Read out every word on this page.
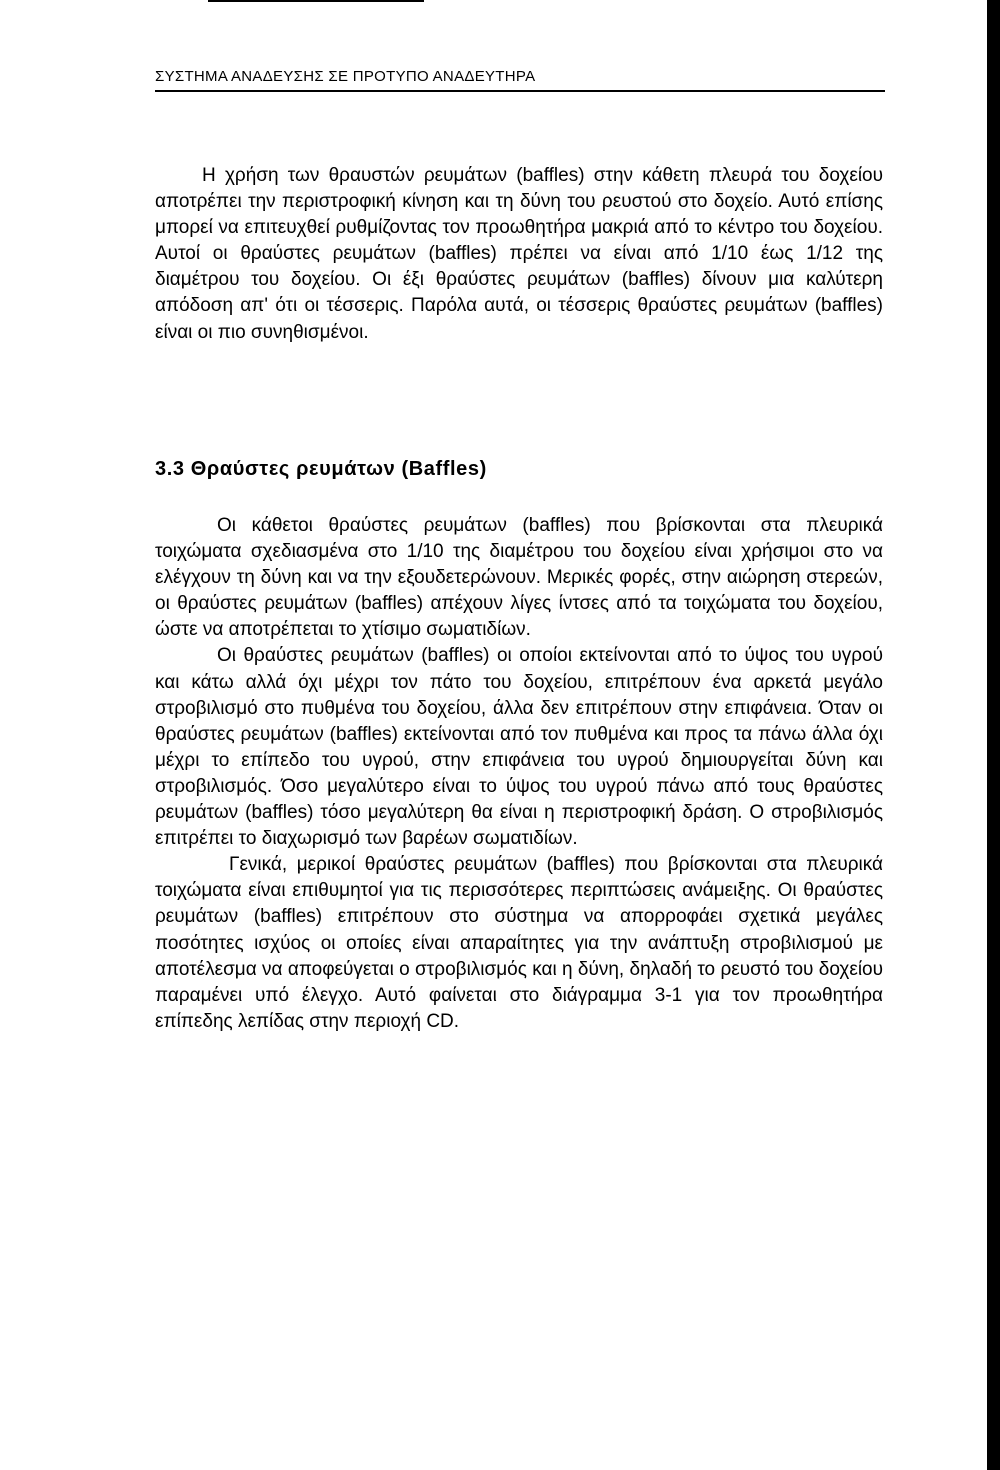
ΣΥΣΤΗΜΑ ΑΝΑΔΕΥΣΗΣ ΣΕ ΠΡΟΤΥΠΟ ΑΝΑΔΕΥΤΗΡΑ

Η χρήση των θραυστών ρευμάτων (baffles) στην κάθετη πλευρά του δοχείου αποτρέπει την περιστροφική κίνηση και τη δύνη του ρευστού στο δοχείο. Αυτό επίσης μπορεί να επιτευχθεί ρυθμίζοντας τον προωθητήρα μακριά από το κέντρο του δοχείου. Αυτοί οι θραύστες ρευμάτων (baffles) πρέπει να είναι από 1/10 έως 1/12 της διαμέτρου του δοχείου. Οι έξι θραύστες ρευμάτων (baffles) δίνουν μια καλύτερη απόδοση απ' ότι οι τέσσερις. Παρόλα αυτά, οι τέσσερις θραύστες ρευμάτων (baffles) είναι οι πιο συνηθισμένοι.

3.3 Θραύστες ρευμάτων (Baffles)

Οι κάθετοι θραύστες ρευμάτων (baffles) που βρίσκονται στα πλευρικά τοιχώματα σχεδιασμένα στο 1/10 της διαμέτρου του δοχείου είναι χρήσιμοι στο να ελέγχουν τη δύνη και να την εξουδετερώνουν. Μερικές φορές, στην αιώρηση στερεών, οι θραύστες ρευμάτων (baffles) απέχουν λίγες ίντσες από τα τοιχώματα του δοχείου, ώστε να αποτρέπεται το χτίσιμο σωματιδίων.

Οι θραύστες ρευμάτων (baffles) οι οποίοι εκτείνονται από το ύψος του υγρού και κάτω αλλά όχι μέχρι τον πάτο του δοχείου, επιτρέπουν ένα αρκετά μεγάλο στροβιλισμό στο πυθμένα του δοχείου, άλλα δεν επιτρέπουν στην επιφάνεια. Όταν οι θραύστες ρευμάτων (baffles) εκτείνονται από τον πυθμένα και προς τα πάνω άλλα όχι μέχρι το επίπεδο του υγρού, στην επιφάνεια του υγρού δημιουργείται δύνη και στροβιλισμός. Όσο μεγαλύτερο είναι το ύψος του υγρού πάνω από τους θραύστες ρευμάτων (baffles) τόσο μεγαλύτερη θα είναι η περιστροφική δράση. Ο στροβιλισμός επιτρέπει το διαχωρισμό των βαρέων σωματιδίων.

Γενικά, μερικοί θραύστες ρευμάτων (baffles) που βρίσκονται στα πλευρικά τοιχώματα είναι επιθυμητοί για τις περισσότερες περιπτώσεις ανάμειξης. Οι θραύστες ρευμάτων (baffles) επιτρέπουν στο σύστημα να απορροφάει σχετικά μεγάλες ποσότητες ισχύος οι οποίες είναι απαραίτητες για την ανάπτυξη στροβιλισμού με αποτέλεσμα να αποφεύγεται ο στροβιλισμός και η δύνη, δηλαδή το ρευστό του δοχείου παραμένει υπό έλεγχο. Αυτό φαίνεται στο διάγραμμα 3-1 για τον προωθητήρα επίπεδης λεπίδας στην περιοχή CD.
